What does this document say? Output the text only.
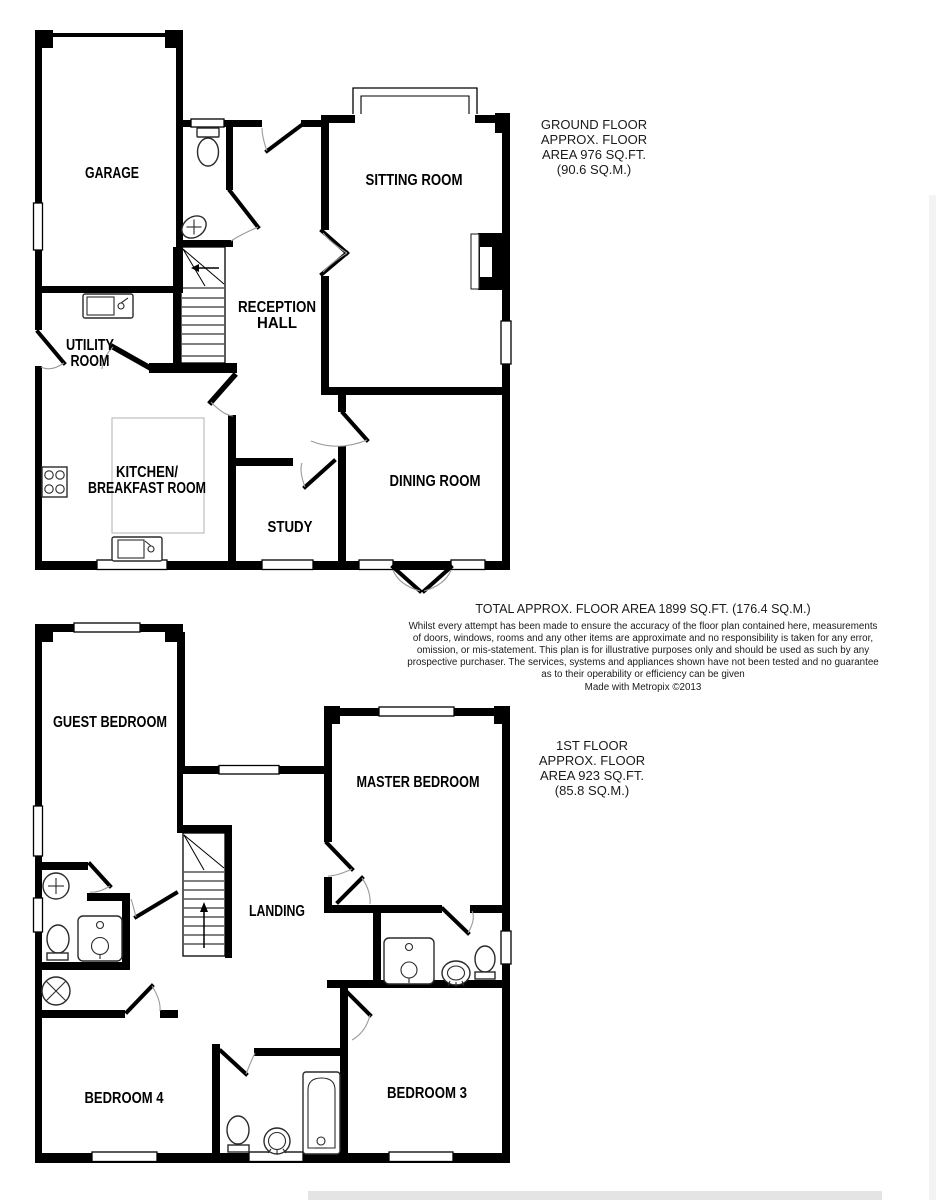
GARAGE	SITTING ROOM
RECEPTION
HALL
UTILITY
ROOM
KITCHEN/
BREAKFAST ROOM
STUDY
DINING ROOM
GUEST BEDROOM
MASTER BEDROOM
LANDING
BEDROOM 4	BEDROOM 3
GROUND FLOOR
APPROX. FLOOR
AREA 976 SQ.FT.
(90.6 SQ.M.)
1ST FLOOR
APPROX. FLOOR
AREA 923 SQ.FT.
(85.8 SQ.M.)
TOTAL APPROX. FLOOR AREA 1899 SQ.FT. (176.4 SQ.M.)
Whilst every attempt has been made to ensure the accuracy of the floor plan contained here, measurements
of doors, windows, rooms and any other items are approximate and no responsibility is taken for any error,
omission, or mis-statement. This plan is for illustrative purposes only and should be used as such by any
prospective purchaser. The services, systems and appliances shown have not been tested and no guarantee
as to their operability or efficiency can be given
Made with Metropix ©2013
